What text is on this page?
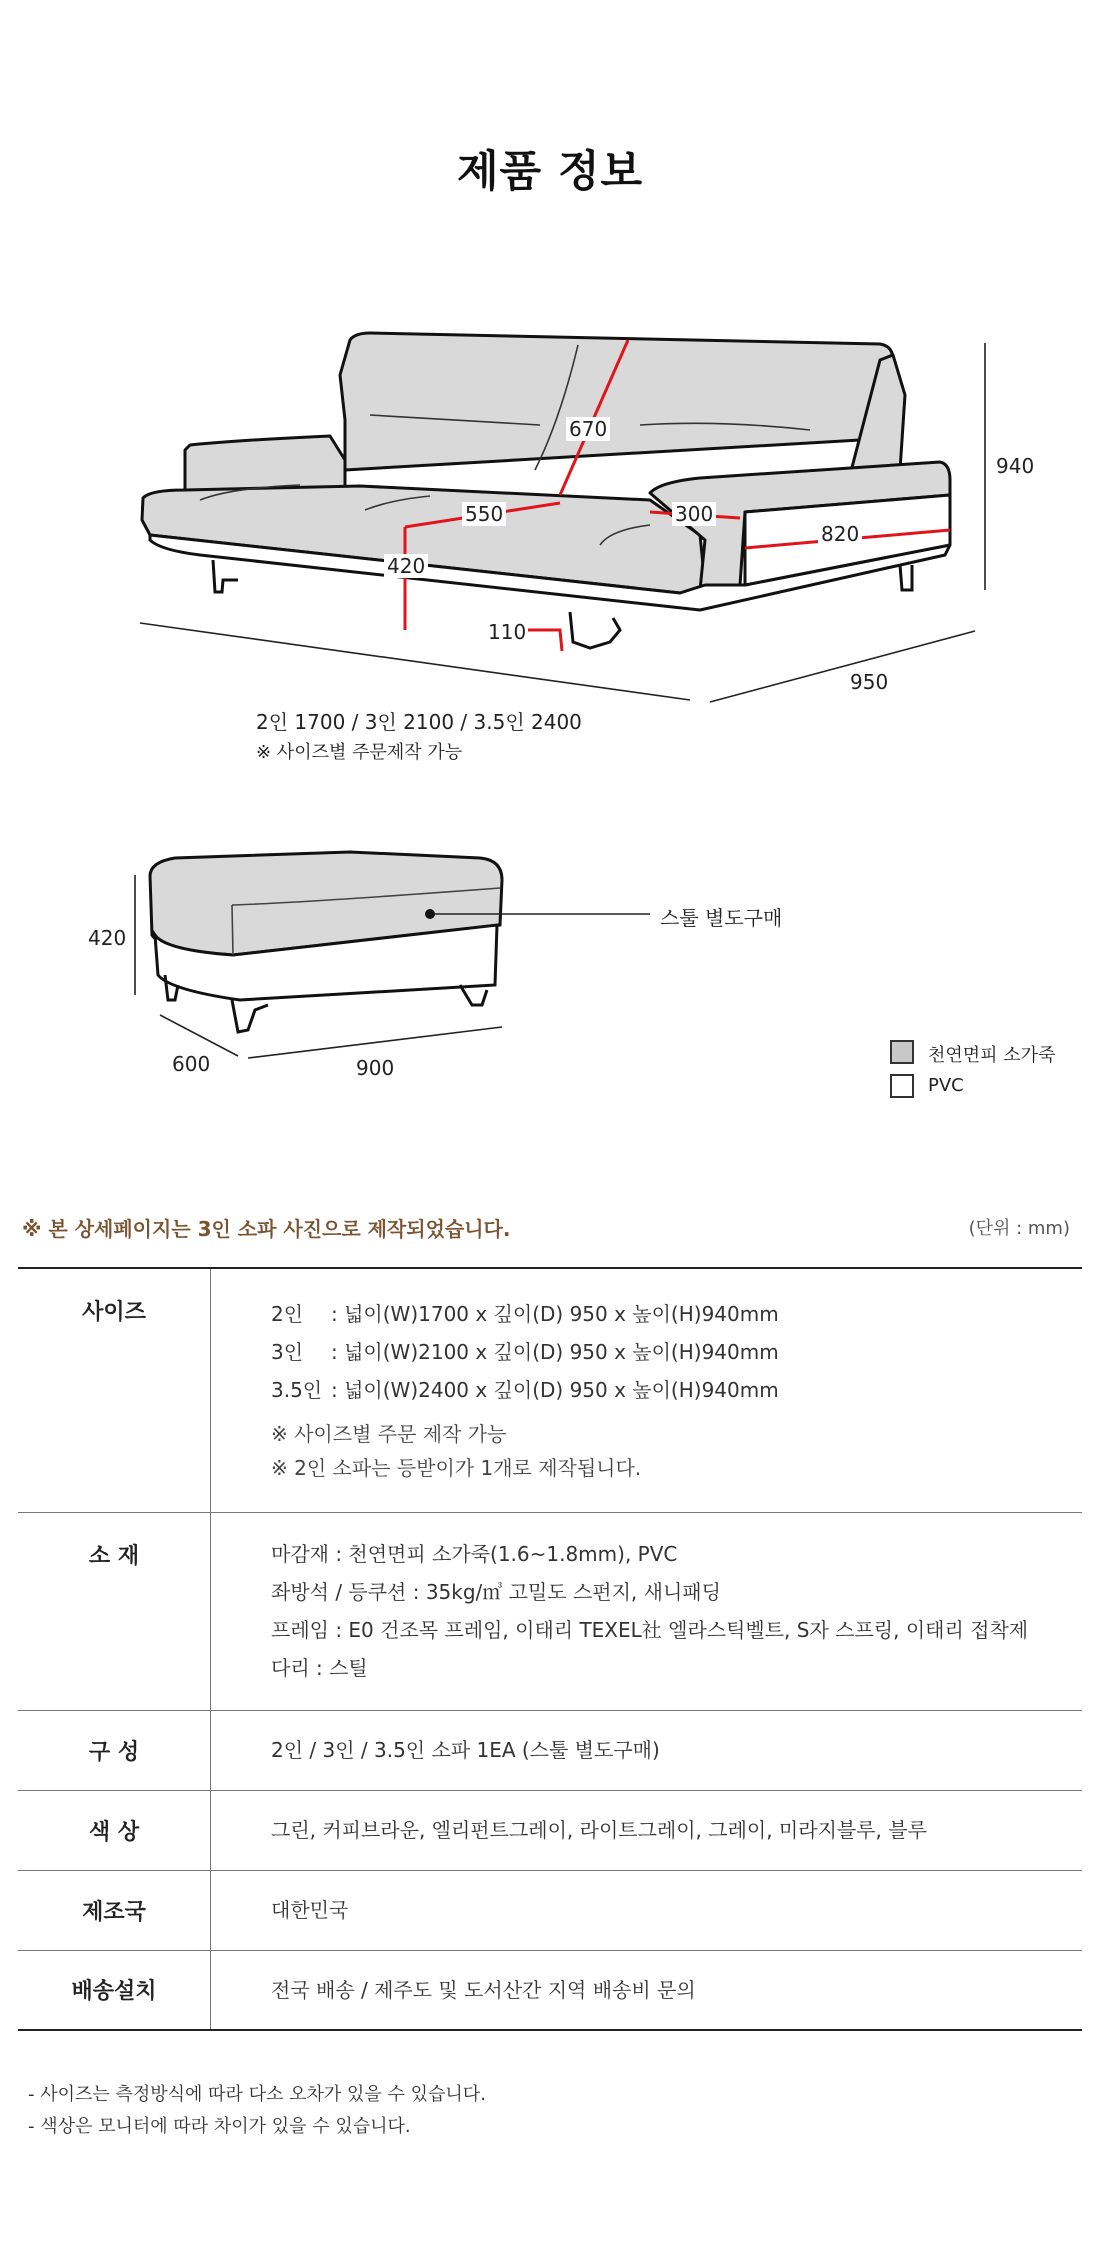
제품 정보
670
550
420
300
820
110
940
950
2인 1700 / 3인 2100 / 3.5인 2400
※ 사이즈별 주문제작 가능
420
600	900
스툴 별도구매
천연면피 소가죽
PVC
※ 본 상세페이지는 3인 소파 사진으로 제작되었습니다.	(단위 : mm)
사이즈	2인 : 넓이(W)1700 x 깊이(D) 950 x 높이(H)940mm
3인 : 넓이(W)2100 x 깊이(D) 950 x 높이(H)940mm
3.5인 : 넓이(W)2400 x 깊이(D) 950 x 높이(H)940mm
※ 사이즈별 주문 제작 가능
※ 2인 소파는 등받이가 1개로 제작됩니다.

소 재	마감재 : 천연면피 소가죽(1.6~1.8mm), PVC
좌방석 / 등쿠션 : 35kg/㎥ 고밀도 스펀지, 새니패딩
프레임 : E0 건조목 프레임, 이태리 TEXEL社 엘라스틱벨트, S자 스프링, 이태리 접착제
다리 : 스틸

구 성	2인 / 3인 / 3.5인 소파 1EA (스툴 별도구매)
색 상	그린, 커피브라운, 엘리펀트그레이, 라이트그레이, 그레이, 미라지블루, 블루
제조국	대한민국
배송설치	전국 배송 / 제주도 및 도서산간 지역 배송비 문의
- 사이즈는 측정방식에 따라 다소 오차가 있을 수 있습니다.
- 색상은 모니터에 따라 차이가 있을 수 있습니다.
